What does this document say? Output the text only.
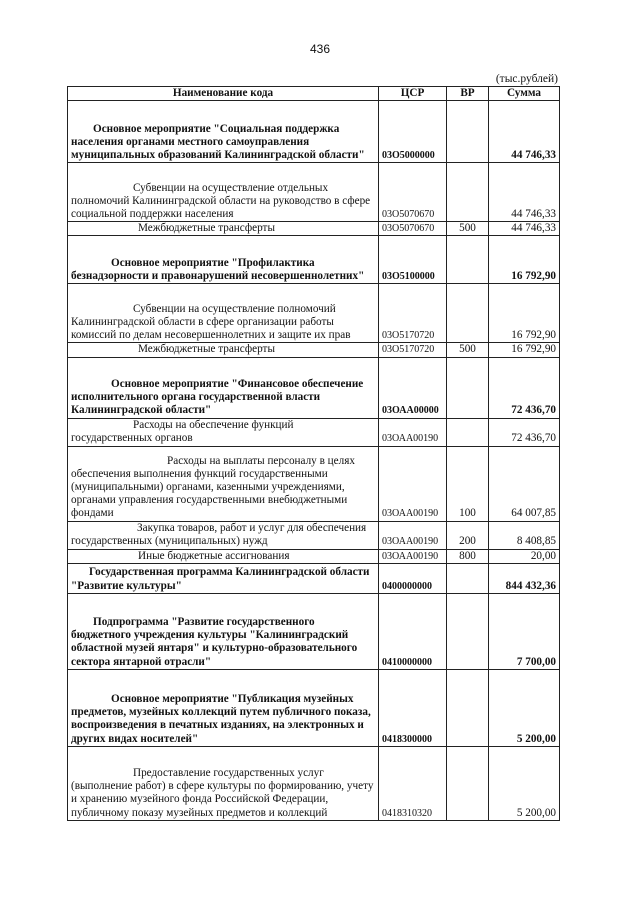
436
(тыс.рублей)
Наименование кода	ЦСР	ВР	Сумма
Основное мероприятие "Социальная поддержка населения органами местного самоуправления муниципальных образований Калининградской области"	03О5000000		44 746,33
Субвенции на осуществление отдельных полномочий Калининградской области на руководство в сфере социальной поддержки населения	03О5070670		44 746,33
Межбюджетные трансферты	03О5070670	500	44 746,33
Основное мероприятие "Профилактика безнадзорности и правонарушений несовершеннолетних"	03О5100000		16 792,90
Субвенции на осуществление полномочий Калининградской области в сфере организации работы комиссий по делам несовершеннолетних и защите их прав	03О5170720		16 792,90
Межбюджетные трансферты	03О5170720	500	16 792,90
Основное мероприятие "Финансовое обеспечение исполнительного органа государственной власти Калининградской области"	03ОАА00000		72 436,70
Расходы на обеспечение функций государственных органов	03ОАА00190		72 436,70
Расходы на выплаты персоналу в целях обеспечения выполнения функций государственными (муниципальными) органами, казенными учреждениями, органами управления государственными внебюджетными фондами	03ОАА00190	100	64 007,85
Закупка товаров, работ и услуг для обеспечения государственных (муниципальных) нужд	03ОАА00190	200	8 408,85
Иные бюджетные ассигнования	03ОАА00190	800	20,00
Государственная программа Калининградской области "Развитие культуры"	0400000000		844 432,36
Подпрограмма "Развитие государственного бюджетного учреждения культуры "Калининградский областной музей янтаря" и культурно-образовательного сектора янтарной отрасли"	0410000000		7 700,00
Основное мероприятие "Публикация музейных предметов, музейных коллекций путем публичного показа, воспроизведения в печатных изданиях, на электронных и других видах носителей"	0418300000		5 200,00
Предоставление государственных услуг (выполнение работ) в сфере культуры по формированию, учету и хранению музейного фонда Российской Федерации, публичному показу музейных предметов и коллекций	0418310320		5 200,00
